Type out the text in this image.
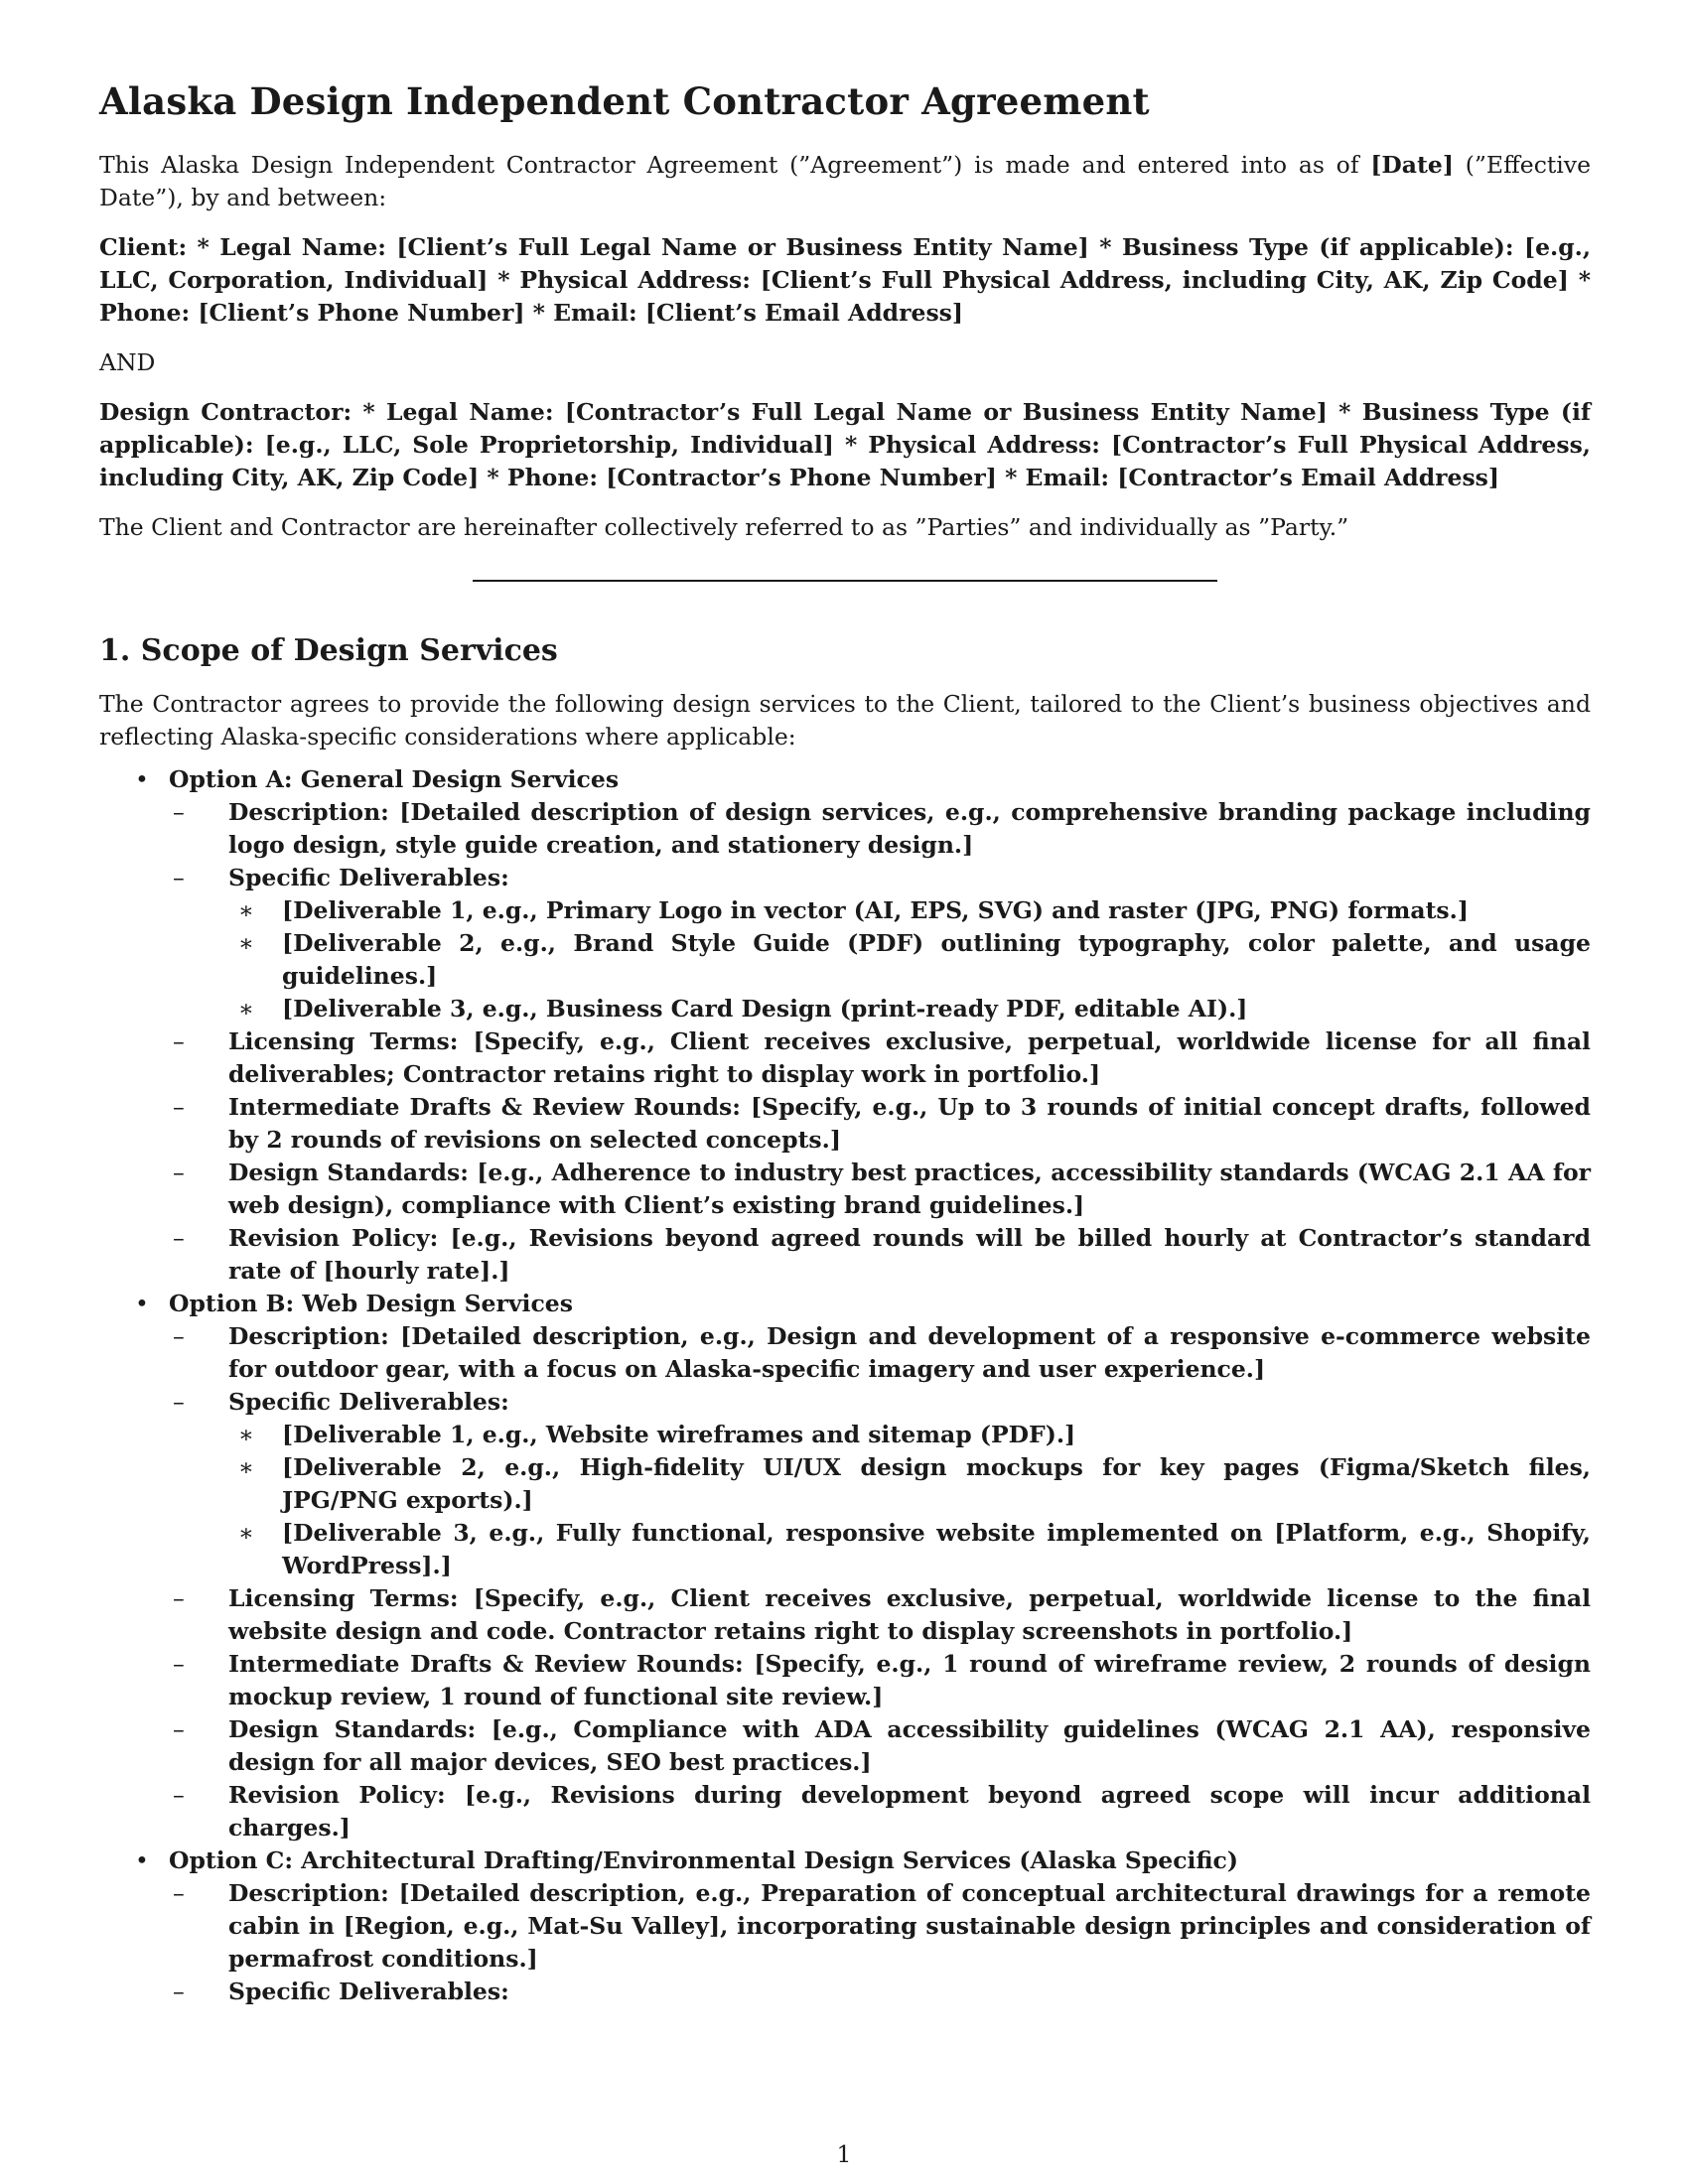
Alaska Design Independent Contractor Agreement

This Alaska Design Independent Contractor Agreement (”Agreement”) is made and entered into as of [Date] (”Effective Date”), by and between:

Client: * Legal Name: [Client’s Full Legal Name or Business Entity Name] * Business Type (if applicable): [e.g., LLC, Corporation, Individual] * Physical Address: [Client’s Full Physical Address, including City, AK, Zip Code] * Phone: [Client’s Phone Number] * Email: [Client’s Email Address]

AND

Design Contractor: * Legal Name: [Contractor’s Full Legal Name or Business Entity Name] * Business Type (if applicable): [e.g., LLC, Sole Proprietorship, Individual] * Physical Address: [Contractor’s Full Physical Address, including City, AK, Zip Code] * Phone: [Contractor’s Phone Number] * Email: [Contractor’s Email Address]

The Client and Contractor are hereinafter collectively referred to as ”Parties” and individually as ”Party.”

1. Scope of Design Services

The Contractor agrees to provide the following design services to the Client, tailored to the Client’s business objectives and reflecting Alaska-specific considerations where applicable:

• Option A: General Design Services
– Description: [Detailed description of design services, e.g., comprehensive branding package including logo design, style guide creation, and stationery design.]
– Specific Deliverables:
∗ [Deliverable 1, e.g., Primary Logo in vector (AI, EPS, SVG) and raster (JPG, PNG) formats.]
∗ [Deliverable 2, e.g., Brand Style Guide (PDF) outlining typography, color palette, and usage guidelines.]
∗ [Deliverable 3, e.g., Business Card Design (print-ready PDF, editable AI).]
– Licensing Terms: [Specify, e.g., Client receives exclusive, perpetual, worldwide license for all final deliverables; Contractor retains right to display work in portfolio.]
– Intermediate Drafts & Review Rounds: [Specify, e.g., Up to 3 rounds of initial concept drafts, followed by 2 rounds of revisions on selected concepts.]
– Design Standards: [e.g., Adherence to industry best practices, accessibility standards (WCAG 2.1 AA for web design), compliance with Client’s existing brand guidelines.]
– Revision Policy: [e.g., Revisions beyond agreed rounds will be billed hourly at Contractor’s standard rate of [hourly rate].]
• Option B: Web Design Services
– Description: [Detailed description, e.g., Design and development of a responsive e-commerce website for outdoor gear, with a focus on Alaska-specific imagery and user experience.]
– Specific Deliverables:
∗ [Deliverable 1, e.g., Website wireframes and sitemap (PDF).]
∗ [Deliverable 2, e.g., High-fidelity UI/UX design mockups for key pages (Figma/Sketch files, JPG/PNG exports).]
∗ [Deliverable 3, e.g., Fully functional, responsive website implemented on [Platform, e.g., Shopify, WordPress].]
– Licensing Terms: [Specify, e.g., Client receives exclusive, perpetual, worldwide license to the final website design and code. Contractor retains right to display screenshots in portfolio.]
– Intermediate Drafts & Review Rounds: [Specify, e.g., 1 round of wireframe review, 2 rounds of design mockup review, 1 round of functional site review.]
– Design Standards: [e.g., Compliance with ADA accessibility guidelines (WCAG 2.1 AA), responsive design for all major devices, SEO best practices.]
– Revision Policy: [e.g., Revisions during development beyond agreed scope will incur additional charges.]
• Option C: Architectural Drafting/Environmental Design Services (Alaska Specific)
– Description: [Detailed description, e.g., Preparation of conceptual architectural drawings for a remote cabin in [Region, e.g., Mat-Su Valley], incorporating sustainable design principles and consideration of permafrost conditions.]
– Specific Deliverables:
1
